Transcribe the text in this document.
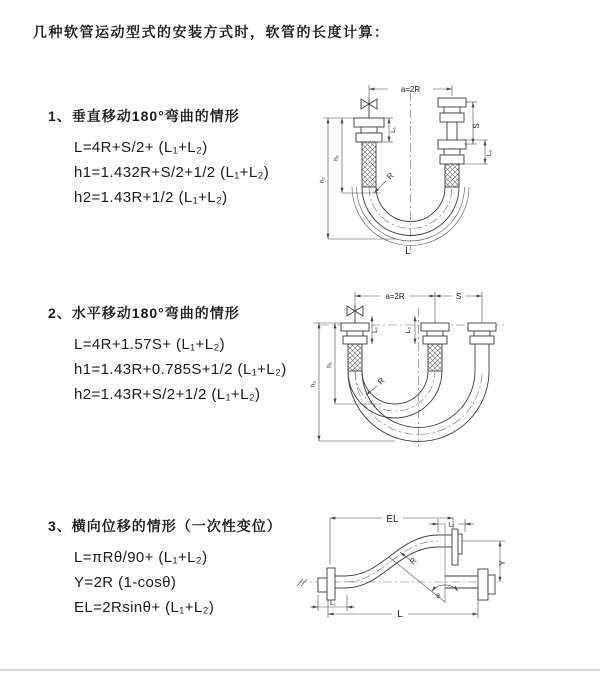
几种软管运动型式的安装方式时，软管的长度计算：
1、垂直移动180°弯曲的情形
L=4R+S/2+ (L₁+L₂)
h1=1.432R+S/2+1/2 (L₁+L₂)
h2=1.43R+1/2 (L₁+L₂)
2、水平移动180°弯曲的情形
L=4R+1.57S+ (L₁+L₂)
h1=1.43R+0.785S+1/2 (L₁+L₂)
h2=1.43R+S/2+1/2 (L₁+L₂)
3、横向位移的情形（一次性变位）
L=πRθ/90+ (L₁+L₂)
Y=2R (1-cosθ)
EL=2Rsinθ+ (L₁+L₂)
a=2R
S
L₂
L₁
R
h₁
h₂
L
a=2R	S
h₁
h₂
L₁	L₂
R
EL	L₂
Y
θ
R
L
L₁
